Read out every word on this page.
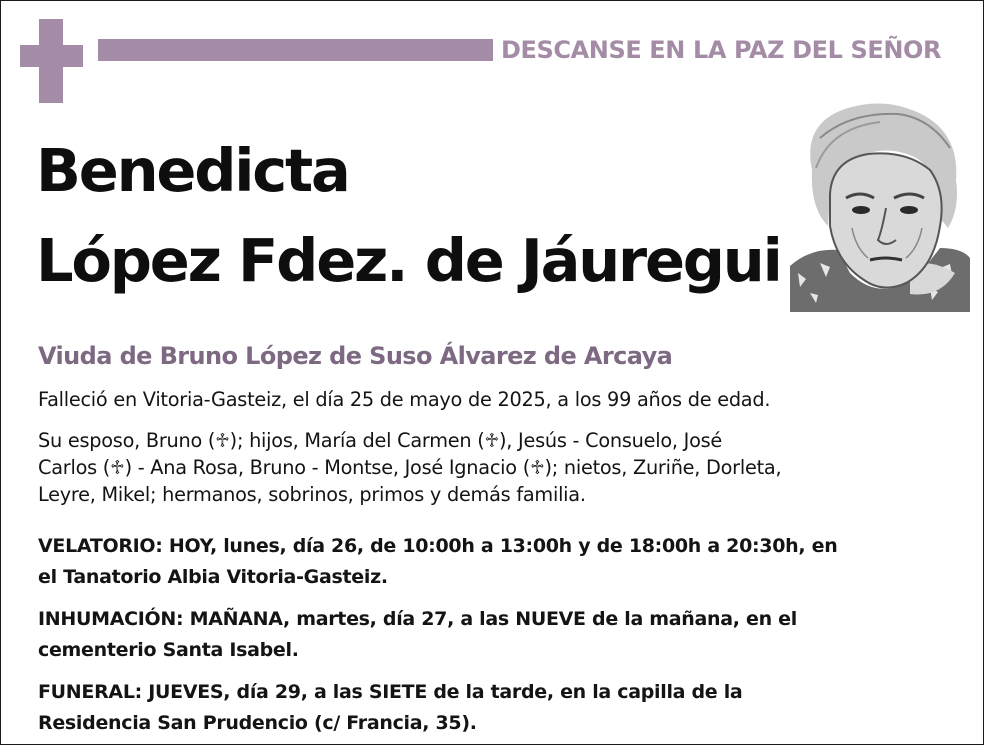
DESCANSE EN LA PAZ DEL SEÑOR
Benedicta
López Fdez. de Jáuregui
Viuda de Bruno López de Suso Álvarez de Arcaya
Falleció en Vitoria-Gasteiz, el día 25 de mayo de 2025, a los 99 años de edad.
Su esposo, Bruno (♱); hijos, María del Carmen (♱), Jesús - Consuelo, José
Carlos (♱) - Ana Rosa, Bruno - Montse, José Ignacio (♱); nietos, Zuriñe, Dorleta,
Leyre, Mikel; hermanos, sobrinos, primos y demás familia.
VELATORIO: HOY, lunes, día 26, de 10:00h a 13:00h y de 18:00h a 20:30h, en
el Tanatorio Albia Vitoria-Gasteiz.
INHUMACIÓN: MAÑANA, martes, día 27, a las NUEVE de la mañana, en el
cementerio Santa Isabel.
FUNERAL: JUEVES, día 29, a las SIETE de la tarde, en la capilla de la
Residencia San Prudencio (c/ Francia, 35).
